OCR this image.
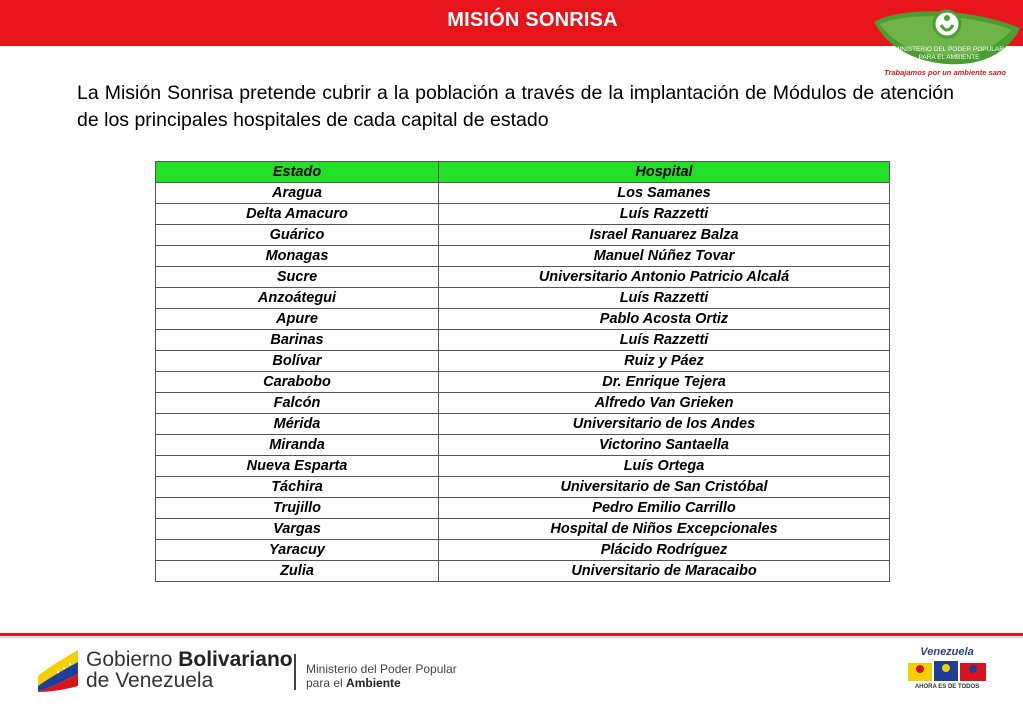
MISIÓN SONRISA
MINISTERIO DEL PODER POPULAR PARA EL AMBIENTE
Trabajamos por un ambiente sano

La Misión Sonrisa pretende cubrir a la población a través de la implantación de Módulos de atención de los principales hospitales de cada capital de estado

Estado	Hospital
Aragua	Los Samanes
Delta Amacuro	Luís Razzetti
Guárico	Israel Ranuarez Balza
Monagas	Manuel Núñez Tovar
Sucre	Universitario Antonio Patricio Alcalá
Anzoátegui	Luís Razzetti
Apure	Pablo Acosta Ortiz
Barinas	Luís Razzetti
Bolívar	Ruiz y Páez
Carabobo	Dr. Enrique Tejera
Falcón	Alfredo Van Grieken
Mérida	Universitario de los Andes
Miranda	Victorino Santaella
Nueva Esparta	Luís Ortega
Táchira	Universitario de San Cristóbal
Trujillo	Pedro Emilio Carrillo
Vargas	Hospital de Niños Excepcionales
Yaracuy	Plácido Rodríguez
Zulia	Universitario de Maracaibo
Gobierno Bolivariano
de Venezuela	Ministerio del Poder Popular
para el Ambiente
Venezuela
AHORA ES DE TODOS
